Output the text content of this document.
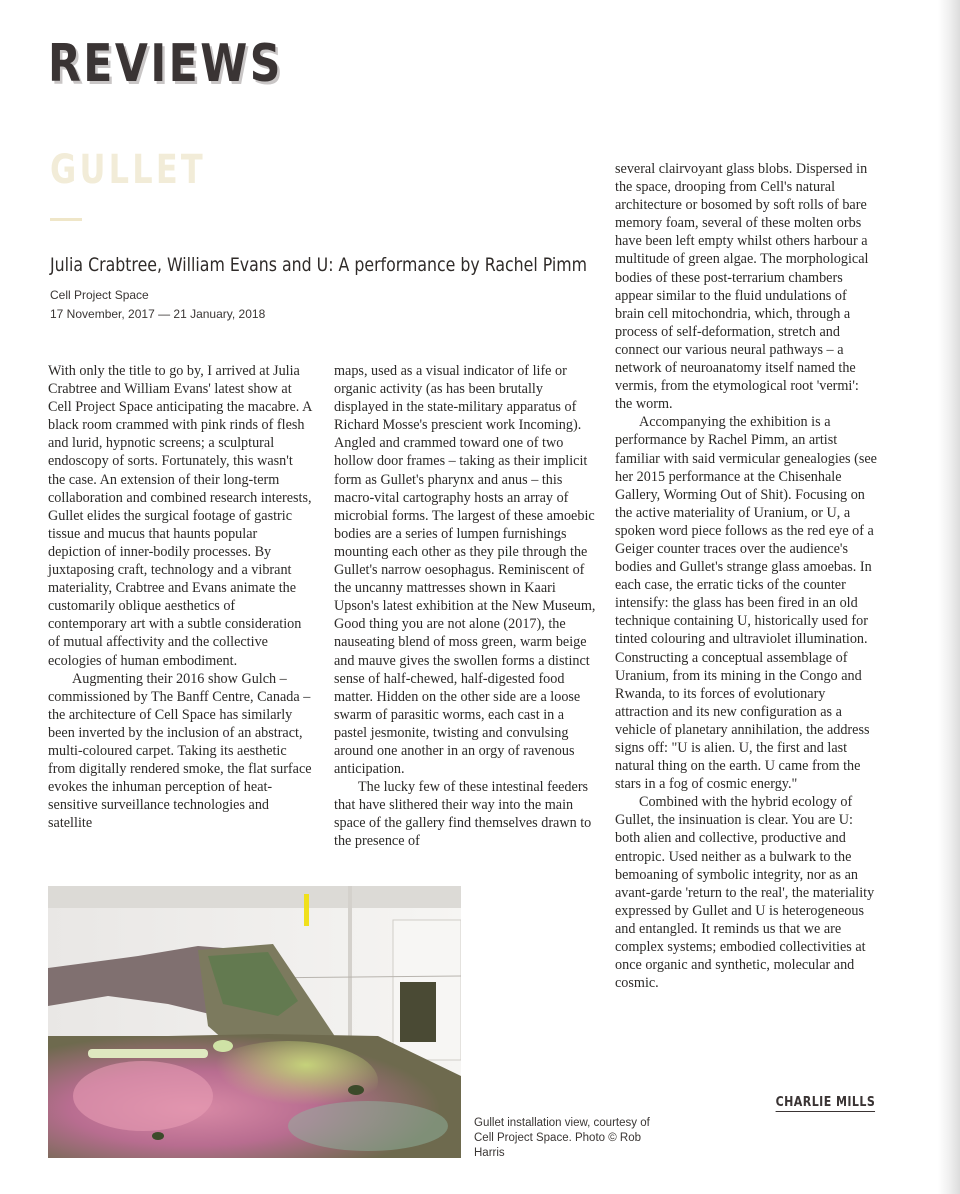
REVIEWS
GULLET
Julia Crabtree, William Evans and U: A performance by Rachel Pimm
Cell Project Space
17 November, 2017 — 21 January, 2018

With only the title to go by, I arrived at Julia Crabtree and William Evans' latest show at Cell Project Space anticipating the macabre. A black room crammed with pink rinds of flesh and lurid, hypnotic screens; a sculptural endoscopy of sorts. Fortunately, this wasn't the case. An extension of their long-term collaboration and combined research interests, Gullet elides the surgical footage of gastric tissue and mucus that haunts popular depiction of inner-bodily processes. By juxtaposing craft, technology and a vibrant materiality, Crabtree and Evans animate the customarily oblique aesthetics of contemporary art with a subtle consideration of mutual affectivity and the collective ecologies of human embodiment.

Augmenting their 2016 show Gulch – commissioned by The Banff Centre, Canada – the architecture of Cell Space has similarly been inverted by the inclusion of an abstract, multi-coloured carpet. Taking its aesthetic from digitally rendered smoke, the flat surface evokes the inhuman perception of heat-sensitive surveillance technologies and satellite

maps, used as a visual indicator of life or organic activity (as has been brutally displayed in the state-military apparatus of Richard Mosse's prescient work Incoming). Angled and crammed toward one of two hollow door frames – taking as their implicit form as Gullet's pharynx and anus – this macro-vital cartography hosts an array of microbial forms. The largest of these amoebic bodies are a series of lumpen furnishings mounting each other as they pile through the Gullet's narrow oesophagus. Reminiscent of the uncanny mattresses shown in Kaari Upson's latest exhibition at the New Museum, Good thing you are not alone (2017), the nauseating blend of moss green, warm beige and mauve gives the swollen forms a distinct sense of half-chewed, half-digested food matter. Hidden on the other side are a loose swarm of parasitic worms, each cast in a pastel jesmonite, twisting and convulsing around one another in an orgy of ravenous anticipation.

The lucky few of these intestinal feeders that have slithered their way into the main space of the gallery find themselves drawn to the presence of

several clairvoyant glass blobs. Dispersed in the space, drooping from Cell's natural architecture or bosomed by soft rolls of bare memory foam, several of these molten orbs have been left empty whilst others harbour a multitude of green algae. The morphological bodies of these post-terrarium chambers appear similar to the fluid undulations of brain cell mitochondria, which, through a process of self-deformation, stretch and connect our various neural pathways – a network of neuroanatomy itself named the vermis, from the etymological root 'vermi': the worm.

Accompanying the exhibition is a performance by Rachel Pimm, an artist familiar with said vermicular genealogies (see her 2015 performance at the Chisenhale Gallery, Worming Out of Shit). Focusing on the active materiality of Uranium, or U, a spoken word piece follows as the red eye of a Geiger counter traces over the audience's bodies and Gullet's strange glass amoebas. In each case, the erratic ticks of the counter intensify: the glass has been fired in an old technique containing U, historically used for tinted colouring and ultraviolet illumination. Constructing a conceptual assemblage of Uranium, from its mining in the Congo and Rwanda, to its forces of evolutionary attraction and its new configuration as a vehicle of planetary annihilation, the address signs off: "U is alien. U, the first and last natural thing on the earth. U came from the stars in a fog of cosmic energy."

Combined with the hybrid ecology of Gullet, the insinuation is clear. You are U: both alien and collective, productive and entropic. Used neither as a bulwark to the bemoaning of symbolic integrity, nor as an avant-garde 'return to the real', the materiality expressed by Gullet and U is heterogeneous and entangled. It reminds us that we are complex systems; embodied collectivities at once organic and synthetic, molecular and cosmic.

Gullet installation view, courtesy of Cell Project Space. Photo © Rob Harris
CHARLIE MILLS
